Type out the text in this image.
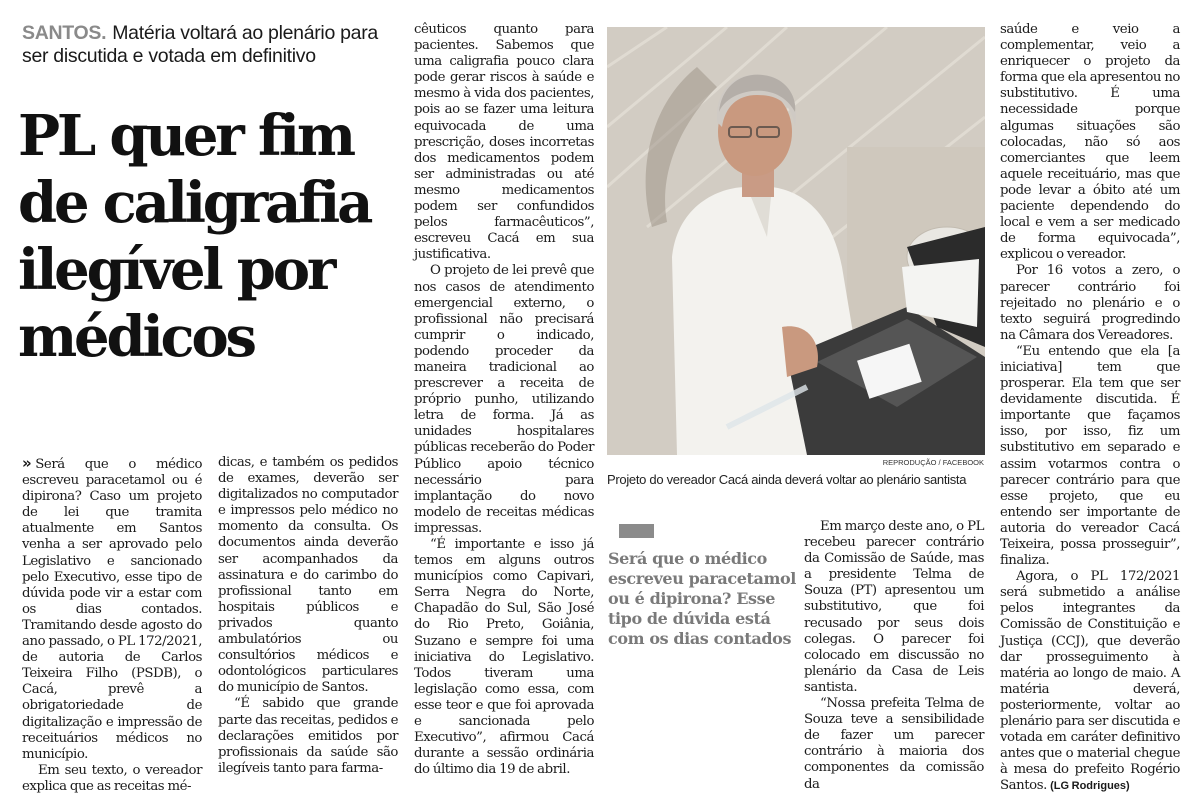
SANTOS. Matéria voltará ao plenário para ser discutida e votada em definitivo
PL quer fim de caligrafia ilegível por médicos

» Será que o médico escreveu paracetamol ou é dipirona? Caso um projeto de lei que tramita atualmente em Santos venha a ser aprovado pelo Legislativo e sancionado pelo Executivo, esse tipo de dúvida pode vir a estar com os dias contados. Tramitando desde agosto do ano passado, o PL 172/2021, de autoria de Carlos Teixeira Filho (PSDB), o Cacá, prevê a obrigatoriedade de digitalização e impressão de receituários médicos no município.

Em seu texto, o vereador explica que as receitas mé-

dicas, e também os pedidos de exames, deverão ser digitalizados no computador e impressos pelo médico no momento da consulta. Os documentos ainda deverão ser acompanhados da assinatura e do carimbo do profissional tanto em hospitais públicos e privados quanto ambulatórios ou consultórios médicos e odontológicos particulares do município de Santos.

“É sabido que grande parte das receitas, pedidos e declarações emitidos por profissionais da saúde são ilegíveis tanto para farma-

cêuticos quanto para pacientes. Sabemos que uma caligrafia pouco clara pode gerar riscos à saúde e mesmo à vida dos pacientes, pois ao se fazer uma leitura equivocada de uma prescrição, doses incorretas dos medicamentos podem ser administradas ou até mesmo medicamentos podem ser confundidos pelos farmacêuticos”, escreveu Cacá em sua justificativa.

O projeto de lei prevê que nos casos de atendimento emergencial externo, o profissional não precisará cumprir o indicado, podendo proceder da maneira tradicional ao prescrever a receita de próprio punho, utilizando letra de forma. Já as unidades hospitalares públicas receberão do Poder Público apoio técnico necessário para implantação do novo modelo de receitas médicas impressas.

“É importante e isso já temos em alguns outros municípios como Capivari, Serra Negra do Norte, Chapadão do Sul, São José do Rio Preto, Goiânia, Suzano e sempre foi uma iniciativa do Legislativo. Todos tiveram uma legislação como essa, com esse teor e que foi aprovada e sancionada pelo Executivo”, afirmou Cacá durante a sessão ordinária do último dia 19 de abril.

REPRODUÇÃO / FACEBOOK
Projeto do vereador Cacá ainda deverá voltar ao plenário santista
Será que o médico escreveu paracetamol ou é dipirona? Esse tipo de dúvida está com os dias contados

Em março deste ano, o PL recebeu parecer contrário da Comissão de Saúde, mas a presidente Telma de Souza (PT) apresentou um substitutivo, que foi recusado por seus dois colegas. O parecer foi colocado em discussão no plenário da Casa de Leis santista.

“Nossa prefeita Telma de Souza teve a sensibilidade de fazer um parecer contrário à maioria dos componentes da comissão da

saúde e veio a complementar, veio a enriquecer o projeto da forma que ela apresentou no substitutivo. É uma necessidade porque algumas situações são colocadas, não só aos comerciantes que leem aquele receituário, mas que pode levar a óbito até um paciente dependendo do local e vem a ser medicado de forma equivocada”, explicou o vereador.

Por 16 votos a zero, o parecer contrário foi rejeitado no plenário e o texto seguirá progredindo na Câmara dos Vereadores.

“Eu entendo que ela [a iniciativa] tem que prosperar. Ela tem que ser devidamente discutida. É importante que façamos isso, por isso, fiz um substitutivo em separado e assim votarmos contra o parecer contrário para que esse projeto, que eu entendo ser importante de autoria do vereador Cacá Teixeira, possa prosseguir”, finaliza.

Agora, o PL 172/2021 será submetido a análise pelos integrantes da Comissão de Constituição e Justiça (CCJ), que deverão dar prosseguimento à matéria ao longo de maio. A matéria deverá, posteriormente, voltar ao plenário para ser discutida e votada em caráter definitivo antes que o material chegue à mesa do prefeito Rogério Santos. (LG Rodrigues)
